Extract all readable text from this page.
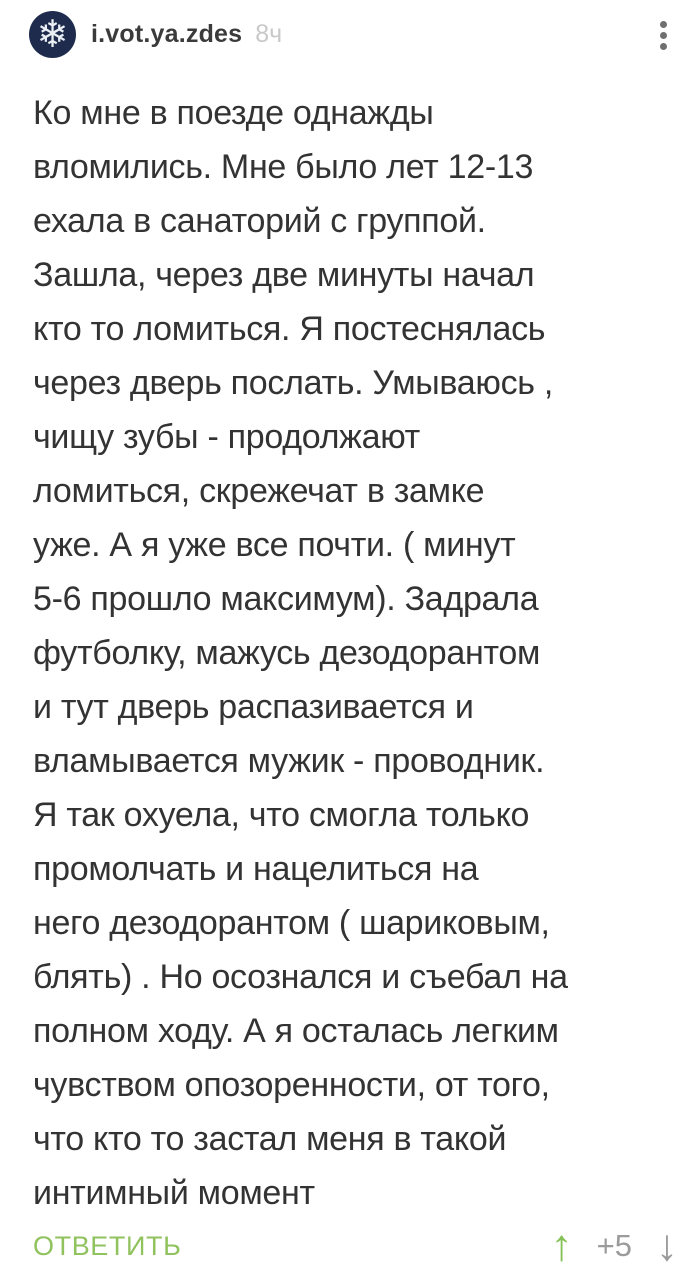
❄ i.vot.ya.zdes 8ч
Ко мне в поезде однажды
вломились. Мне было лет 12-13
ехала в санаторий с группой.
Зашла, через две минуты начал
кто то ломиться. Я постеснялась
через дверь послать. Умываюсь ,
чищу зубы - продолжают
ломиться, скрежечат в замке
уже. А я уже все почти. ( минут
5-6 прошло максимум). Задрала
футболку, мажусь дезодорантом
и тут дверь распазивается и
вламывается мужик - проводник.
Я так охуела, что смогла только
промолчать и нацелиться на
него дезодорантом ( шариковым,
блять) . Но осознался и съебал на
полном ходу. А я осталась легким
чувством опозоренности, от того,
что кто то застал меня в такой
интимный момент
ОТВЕТИТЬ	↑ +5 ↓
